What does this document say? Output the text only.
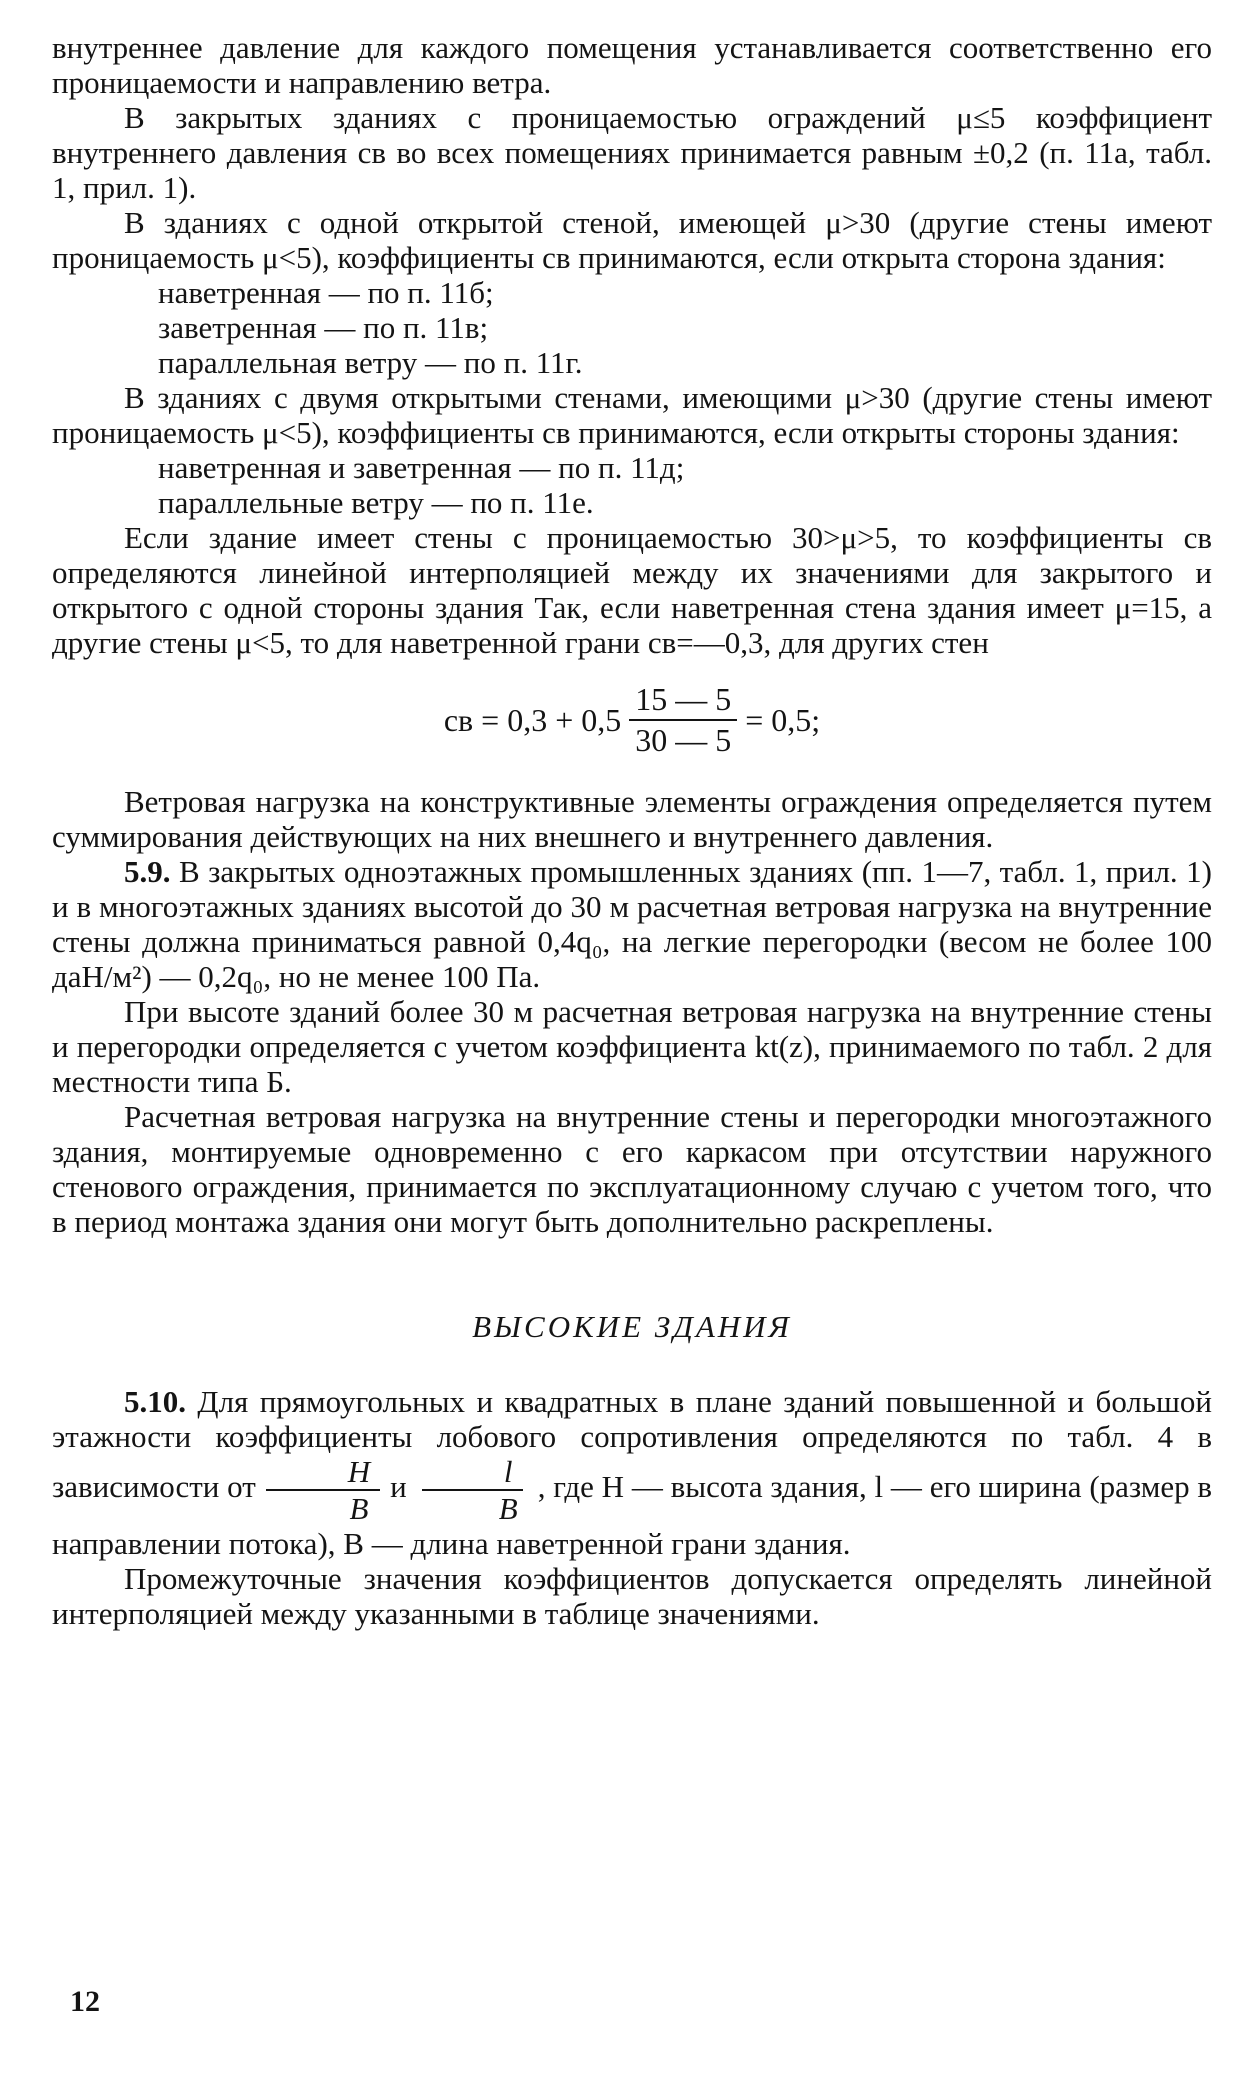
внутреннее давление для каждого помещения устанавливается соответственно его проницаемости и направлению ветра.

В закрытых зданиях с проницаемостью ограждений μ≤5 коэффициент внутреннего давления cв во всех помещениях принимается равным ±0,2 (п. 11а, табл. 1, прил. 1).

В зданиях с одной открытой стеной, имеющей μ>30 (другие стены имеют проницаемость μ<5), коэффициенты cв принимаются, если открыта сторона здания:

наветренная — по п. 11б;
заветренная — по п. 11в;
параллельная ветру — по п. 11г.

В зданиях с двумя открытыми стенами, имеющими μ>30 (другие стены имеют проницаемость μ<5), коэффициенты cв принимаются, если открыты стороны здания:

наветренная и заветренная — по п. 11д;
параллельные ветру — по п. 11е.

Если здание имеет стены с проницаемостью 30>μ>5, то коэффициенты cв определяются линейной интерполяцией между их значениями для закрытого и открытого с одной стороны здания Так, если наветренная стена здания имеет μ=15, а другие стены μ<5, то для наветренной грани cв=—0,3, для других стен

cв = $0,3 + 0,5 \frac{15 — 5}{30 — 5} = 0,5$;

Ветровая нагрузка на конструктивные элементы ограждения определяется путем суммирования действующих на них внешнего и внутреннего давления.

5.9. В закрытых одноэтажных промышленных зданиях (пп. 1—7, табл. 1, прил. 1) и в многоэтажных зданиях высотой до 30 м расчетная ветровая нагрузка на внутренние стены должна приниматься равной 0,4q₀, на легкие перегородки (весом не более 100 даН/м²) — 0,2q₀, но не менее 100 Па.

При высоте зданий более 30 м расчетная ветровая нагрузка на внутренние стены и перегородки определяется с учетом коэффициента kt(z), принимаемого по табл. 2 для местности типа Б.

Расчетная ветровая нагрузка на внутренние стены и перегородки многоэтажного здания, монтируемые одновременно с его каркасом при отсутствии наружного стенового ограждения, принимается по эксплуатационному случаю с учетом того, что в период монтажа здания они могут быть дополнительно раскреплены.

ВЫСОКИЕ ЗДАНИЯ

5.10. Для прямоугольных и квадратных в плане зданий повышенной и большой этажности коэффициенты лобового сопротивления определяются по табл. 4 в зависимости от $\frac{H}{B}$ и $\frac{l}{B}$ , где H — высота здания, l — его ширина (размер в направлении потока), B — длина наветренной грани здания.

Промежуточные значения коэффициентов допускается определять линейной интерполяцией между указанными в таблице значениями.

12
